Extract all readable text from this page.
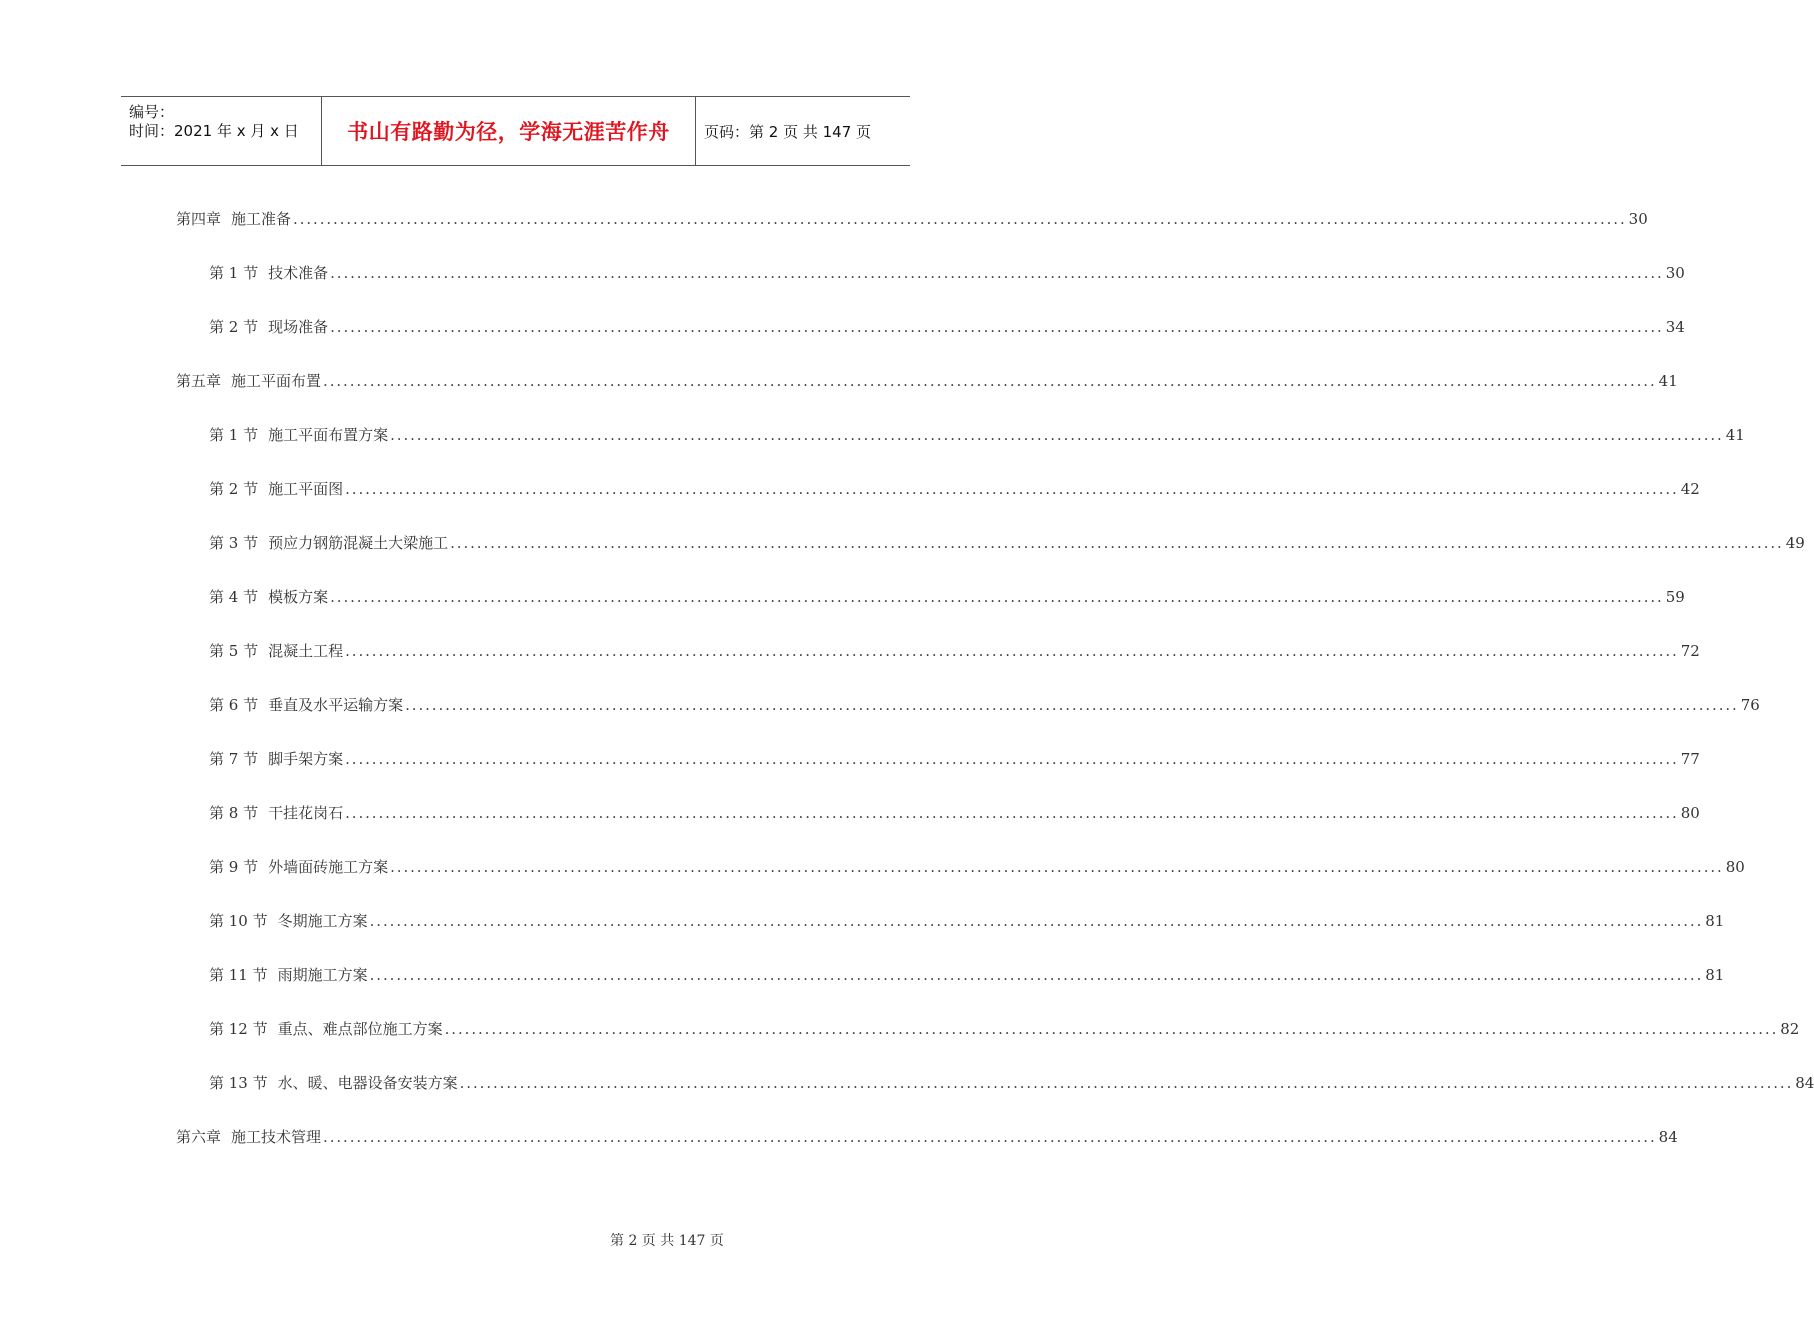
编号：
时间：2021 年 x 月 x 日	书山有路勤为径，学海无涯苦作舟	页码：第 2 页 共 147 页
第四章 施工准备 ........................................................................................................................................................................................................ 30
第 1 节 技术准备 ........................................................................................................................................................................................................ 30
第 2 节 现场准备 ........................................................................................................................................................................................................ 34
第五章 施工平面布置 ........................................................................................................................................................................................................ 41
第 1 节 施工平面布置方案 ........................................................................................................................................................................................................ 41
第 2 节 施工平面图 ........................................................................................................................................................................................................ 42
第 3 节 预应力钢筋混凝土大梁施工 ........................................................................................................................................................................................................ 49
第 4 节 模板方案 ........................................................................................................................................................................................................ 59
第 5 节 混凝土工程 ........................................................................................................................................................................................................ 72
第 6 节 垂直及水平运输方案 ........................................................................................................................................................................................................ 76
第 7 节 脚手架方案 ........................................................................................................................................................................................................ 77
第 8 节 干挂花岗石 ........................................................................................................................................................................................................ 80
第 9 节 外墙面砖施工方案 ........................................................................................................................................................................................................ 80
第 10 节 冬期施工方案 ........................................................................................................................................................................................................ 81
第 11 节 雨期施工方案 ........................................................................................................................................................................................................ 81
第 12 节 重点、难点部位施工方案 ........................................................................................................................................................................................................ 82
第 13 节 水、暖、电器设备安装方案 ........................................................................................................................................................................................................ 84
第六章 施工技术管理 ........................................................................................................................................................................................................ 84
第 2 页 共 147 页
